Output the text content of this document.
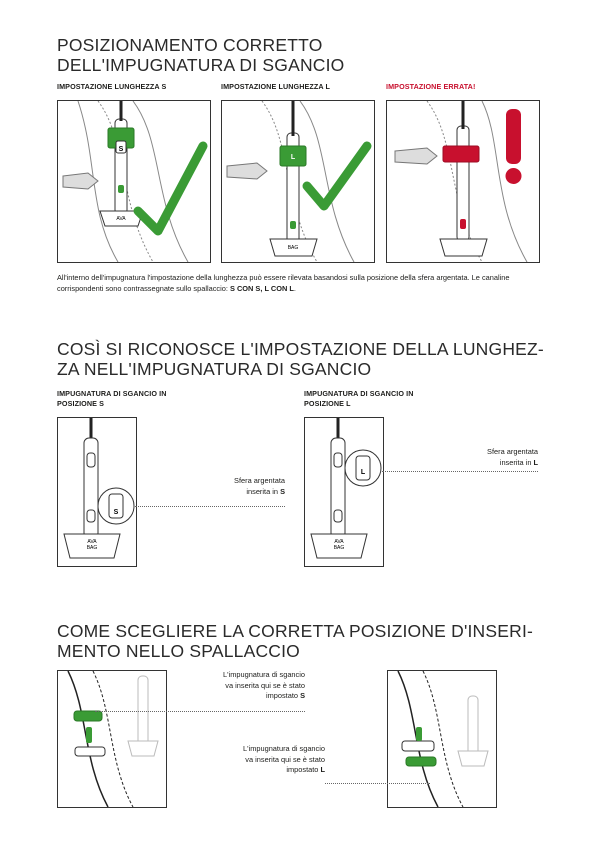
POSIZIONAMENTO CORRETTO
DELL'IMPUGNATURA DI SGANCIO
IMPOSTAZIONE LUNGHEZZA S	IMPOSTAZIONE LUNGHEZZA L	IMPOSTAZIONE ERRATA!
S
AVA
L
BAG
All'interno dell'impugnatura l'impostazione della lunghezza può essere rilevata basandosi sulla posizione della sfera argentata. Le canaline corrispondenti sono contrassegnate sullo spallaccio: S CON S, L CON L.
COSÌ SI RICONOSCE L'IMPOSTAZIONE DELLA LUNGHEZ-
ZA NELL'IMPUGNATURA DI SGANCIO
IMPUGNATURA DI SGANCIO IN
POSIZIONE S
IMPUGNATURA DI SGANCIO IN
POSIZIONE L
AVA
BAG
S
Sfera argentata
inserita in S
AVA
BAG
L
Sfera argentata
inserita in L
COME SCEGLIERE LA CORRETTA POSIZIONE D'INSERI-
MENTO NELLO SPALLACCIO
L'impugnatura di sgancio
va inserita qui se è stato
impostato S
L'impugnatura di sgancio
va inserita qui se è stato
impostato L
